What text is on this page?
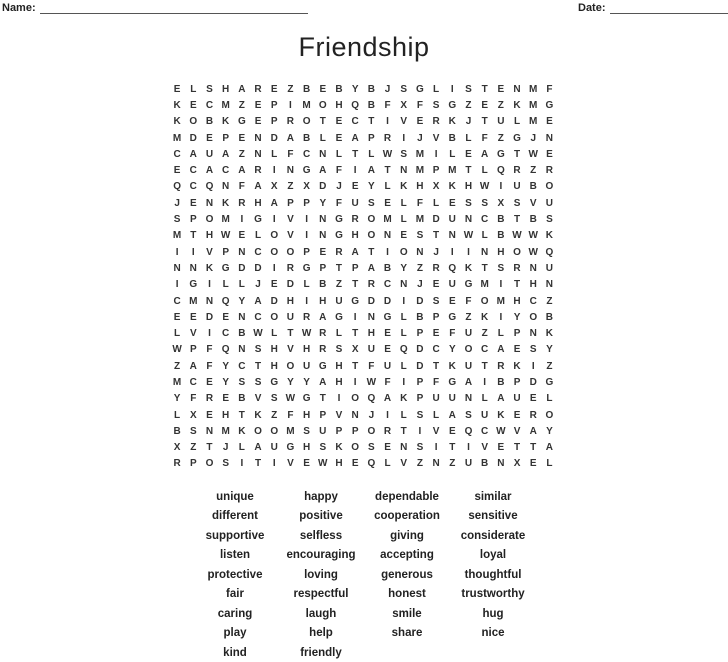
Name:	Date:
Friendship
E L S H A R E Z B E B Y B J	S G L	I	S T E N M F
K E C M Z E P	I	M O H Q B F X F S G Z E Z K M G
K O B K G E P R O T E C T	I	V E R K J	T U L M E
M D E P E N D A B L E A P R	I	J	V B L	F	Z G J N
C A U A Z N L	F C N L	T	L W S M	I	L E A G T W E
E C A C A R	I	N G A F	I	A T N M P M T	L Q R Z R
Q C Q N F A X Z X D J	E Y L K H X K H W	I	U B O
J	E N K R H A P P Y F U S E L	F	L E S S X S V U
S P O M	I	G	I	V	I	N G R O M L M D U N C B T B S
M T H W E L O V	I	N G H O N E S T N W L B W W K
I	I	V P N C O O P E R A T	I	O N J	I	I	N H O W Q
N N K G D D	I	R G P T P A B Y Z R Q K T S R N U
I	G	I	L	L	J	E D L B Z	T R C N J	E U G M	I	T H N
C M N Q Y A D H	I	H U G D D	I	D S E F O M H C Z
E E D E N C O U R A G	I	N G L B P G Z K	I	Y O B
L V	I	C B W L	T W R L	T H E L P E F U Z	L P N K
W P F Q N S H V H R S X U E Q D C Y O C A E S Y
Z A F Y C T H O U G H T	F U L D T K U T R K	I	Z
M C E Y S S G Y Y A H	I	W F	I	P F G A	I	B P D G
Y F R E B V S W G T	I	O Q A K P U U N L A U E L
L X E H T K Z	F H P V N J	I	L S L A S U K E R O
B S N M K O O M S U P P O R T	I	V E Q C W V A Y
X Z	T	J	L A U G H S K O S E N S	I	T	I	V E T	T A
R P O S	I	T	I	V E W H E Q L V Z N Z U B N X E L
unique	happy	dependable	similar
different	positive	cooperation	sensitive
supportive	selfless	giving	considerate
listen	encouraging	accepting	loyal
protective	loving	generous	thoughtful
fair	respectful	honest	trustworthy
caring	laugh	smile	hug
play	help	share	nice
kind	friendly
